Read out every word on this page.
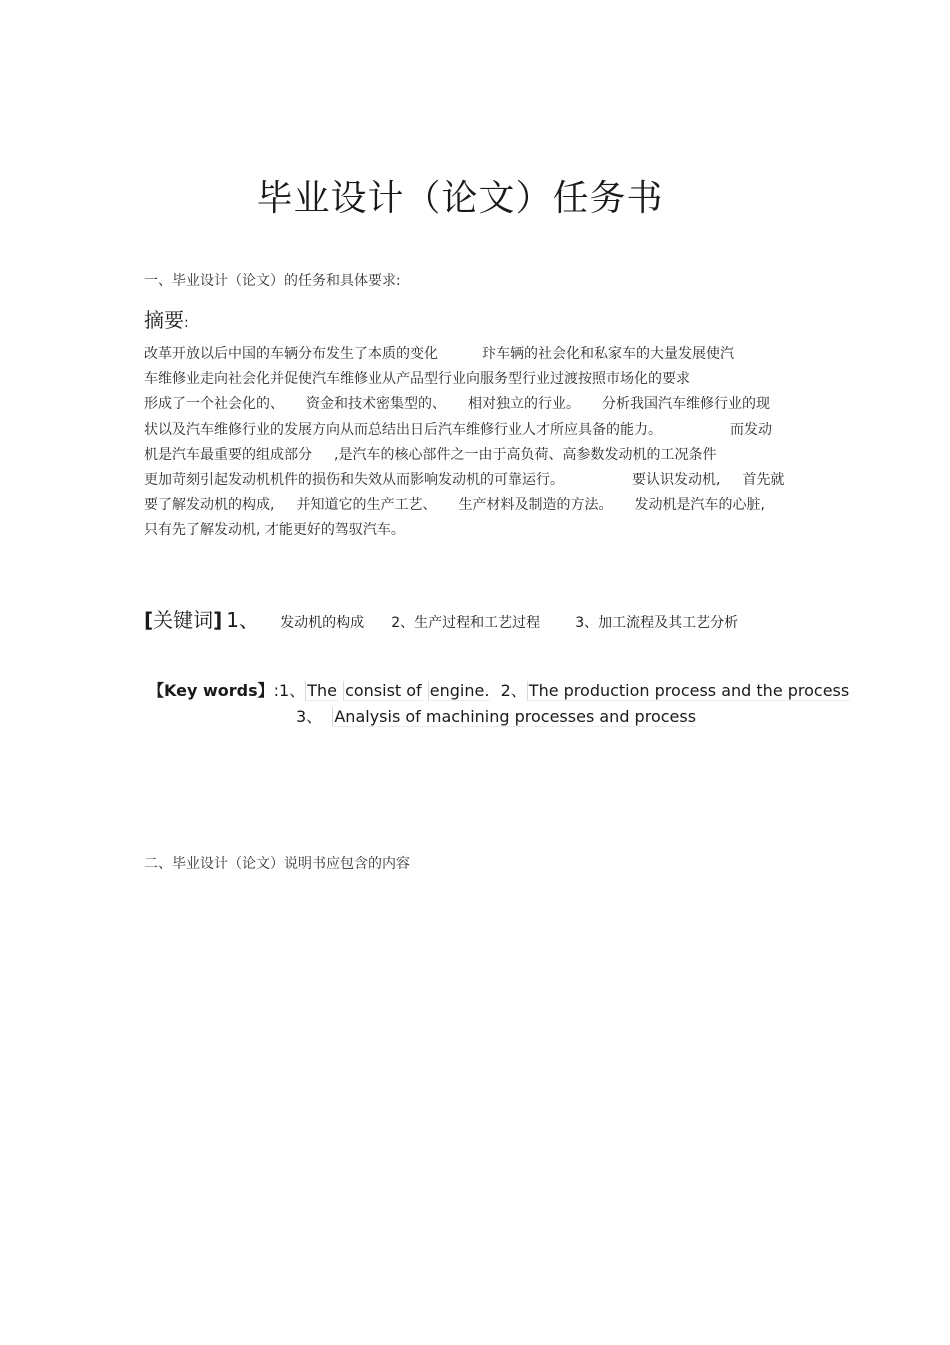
毕业设计（论文）任务书
一、毕业设计（论文）的任务和具体要求:
摘要:
改革开放以后中国的车辆分布发生了本质的变化	玣车辆的社会化和私家车的大量发展使汽
车维修业走向社会化并促使汽车维修业从产品型行业向服务型行业过渡按照市场化的要求
形成了一个社会化的、 资金和技术密集型的、 相对独立的行业。 分析我国汽车维修行业的现
状以及汽车维修行业的发展方向从而总结出日后汽车维修行业人才所应具备的能力。	而发动
机是汽车最重要的组成部分 ,是汽车的核心部件之一由于高负荷、高参数发动机的工况条件
更加苛刻引起发动机机件的损伤和失效从而影响发动机的可靠运行。	要认识发动机, 首先就
要了解发动机的构成, 并知道它的生产工艺、 生产材料及制造的方法。 发动机是汽车的心脏,
只有先了解发动机, 才能更好的驾驭汽车。
[关键词] 1、 发动机的构成 2、生产过程和工艺过程	3、加工流程及其工艺分析
【Key words】:1、 The consist of engine. 2、 The production process and the process
3、 Analysis of machining processes and process
二、毕业设计（论文）说明书应包含的内容
